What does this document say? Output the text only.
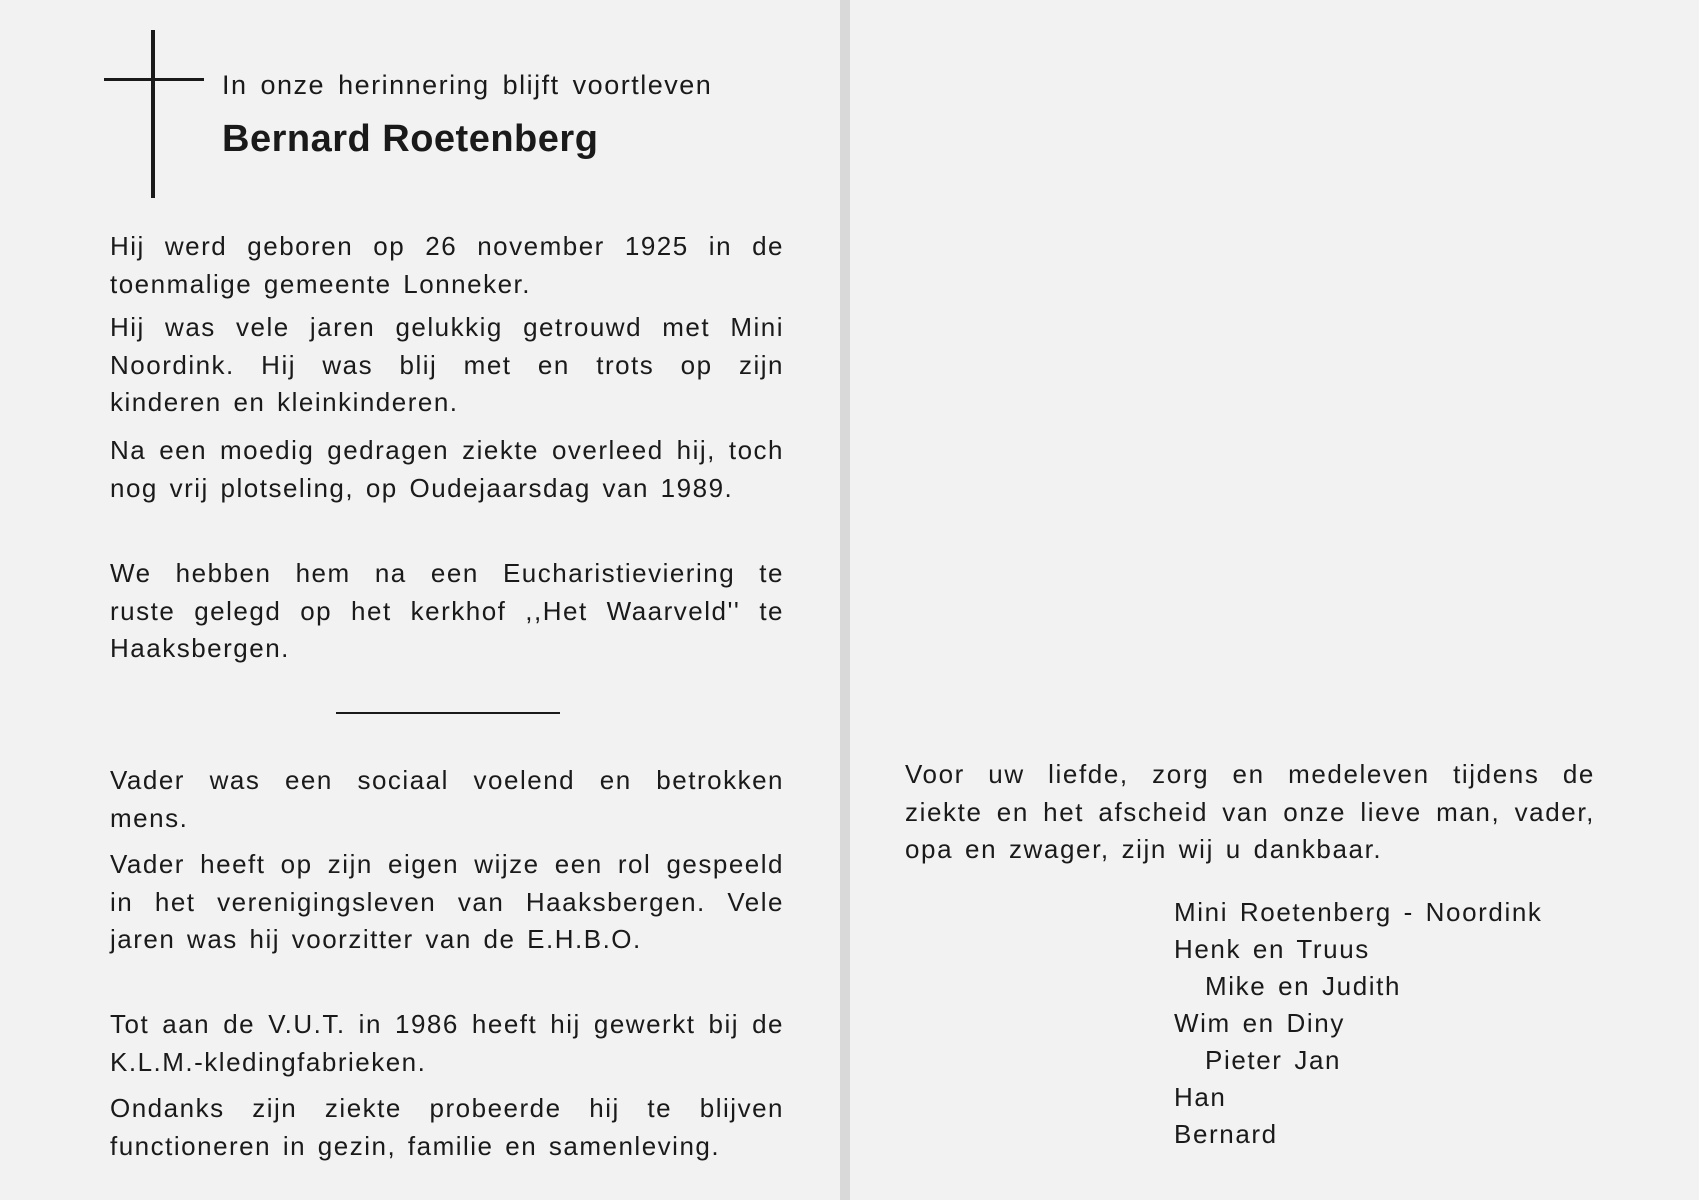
In onze herinnering blijft voortleven
Bernard Roetenberg

Hij werd geboren op 26 november 1925 in de toenmalige gemeente Lonneker.

Hij was vele jaren gelukkig getrouwd met Mini Noordink. Hij was blij met en trots op zijn kinderen en kleinkinderen.

Na een moedig gedragen ziekte overleed hij, toch nog vrij plotseling, op Oudejaarsdag van 1989.

We hebben hem na een Eucharistieviering te ruste gelegd op het kerkhof ,,Het Waarveld'' te Haaksbergen.

Vader was een sociaal voelend en betrokken mens.

Vader heeft op zijn eigen wijze een rol gespeeld in het verenigingsleven van Haaksbergen. Vele jaren was hij voorzitter van de E.H.B.O.

Tot aan de V.U.T. in 1986 heeft hij gewerkt bij de K.L.M.-kledingfabrieken.

Ondanks zijn ziekte probeerde hij te blijven functioneren in gezin, familie en samenleving.

Voor uw liefde, zorg en medeleven tijdens de ziekte en het afscheid van onze lieve man, vader, opa en zwager, zijn wij u dankbaar.

Mini Roetenberg - Noordink
Henk en Truus
Mike en Judith
Wim en Diny
Pieter Jan
Han
Bernard
